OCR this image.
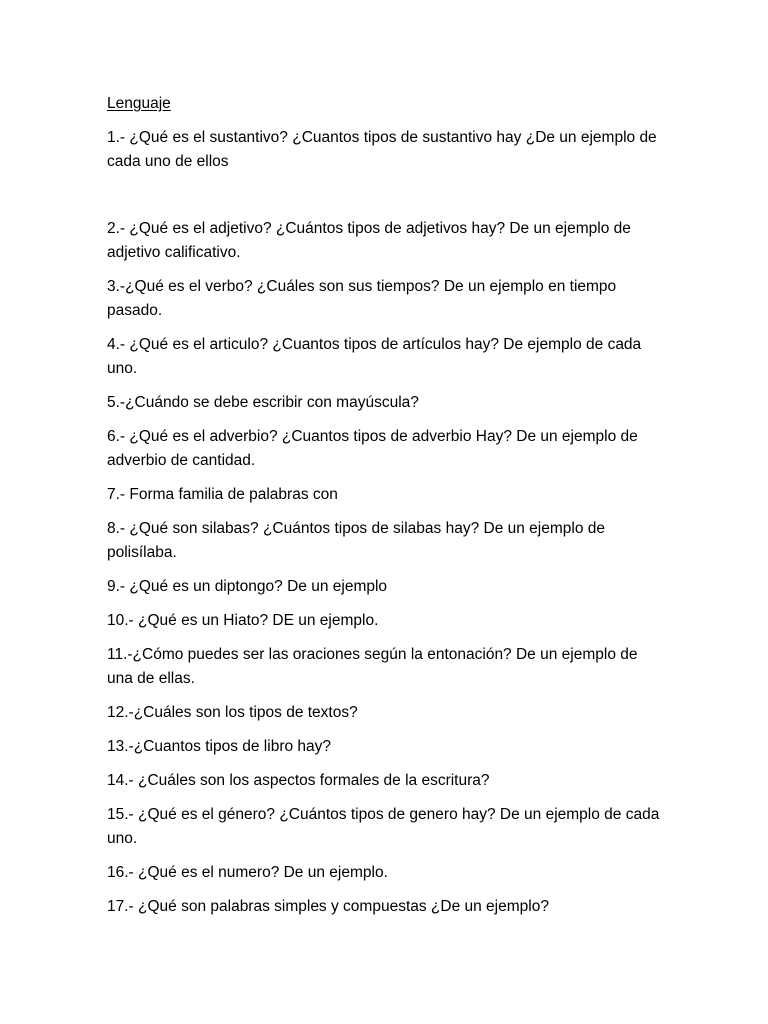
Lenguaje
1.- ¿Qué es el sustantivo? ¿Cuantos tipos de sustantivo hay ¿De un ejemplo de cada uno de ellos
2.- ¿Qué es el adjetivo? ¿Cuántos tipos de adjetivos hay? De un ejemplo de adjetivo calificativo.
3.-¿Qué es el verbo? ¿Cuáles son sus tiempos? De un ejemplo en tiempo pasado.
4.- ¿Qué es el articulo? ¿Cuantos tipos de artículos hay? De ejemplo de cada uno.
5.-¿Cuándo se debe escribir con mayúscula?
6.- ¿Qué es el adverbio? ¿Cuantos tipos de adverbio Hay? De un ejemplo de adverbio de cantidad.
7.- Forma familia de palabras con
8.- ¿Qué son silabas? ¿Cuántos tipos de silabas hay? De un ejemplo de polisílaba.
9.- ¿Qué es un diptongo? De un ejemplo
10.- ¿Qué es un Hiato? DE un ejemplo.
11.-¿Cómo puedes ser las oraciones según la entonación? De un ejemplo de una de ellas.
12.-¿Cuáles son los tipos de textos?
13.-¿Cuantos tipos de libro hay?
14.- ¿Cuáles son los aspectos formales de la escritura?
15.- ¿Qué es el género? ¿Cuántos tipos de genero hay? De un ejemplo de cada uno.
16.- ¿Qué es el numero? De un ejemplo.
17.- ¿Qué son palabras simples y compuestas ¿De un ejemplo?
